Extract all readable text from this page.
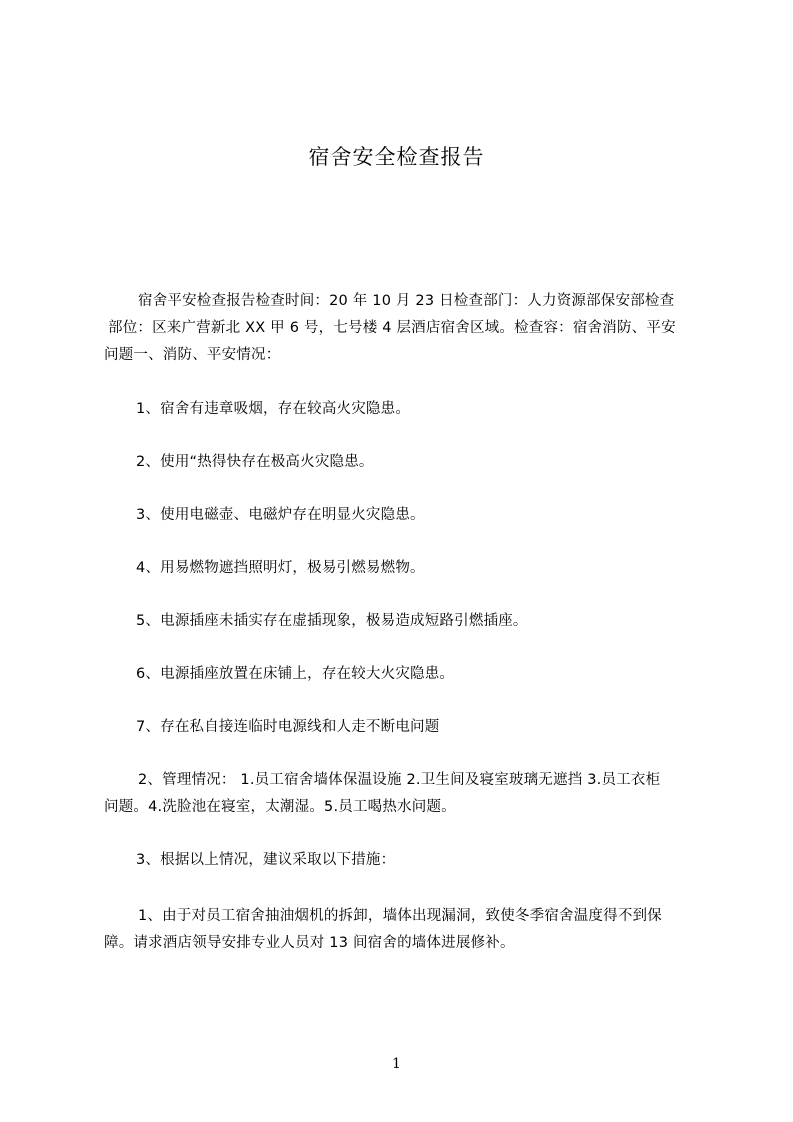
宿舍安全检查报告
宿舍平安检查报告检查时间：20 年 10 月 23 日检查部门：人力资源部保安部检查
部位：区来广营新北 XX 甲 6 号，七号楼 4 层酒店宿舍区域。检查容：宿舍消防、平安
问题一、消防、平安情况：
1、宿舍有违章吸烟，存在较高火灾隐患。
2、使用“热得快存在极高火灾隐患。
3、使用电磁壶、电磁炉存在明显火灾隐患。
4、用易燃物遮挡照明灯，极易引燃易燃物。
5、电源插座未插实存在虚插现象，极易造成短路引燃插座。
6、电源插座放置在床铺上，存在较大火灾隐患。
7、存在私自接连临时电源线和人走不断电问题
2、管理情况： 1.员工宿舍墙体保温设施 2.卫生间及寝室玻璃无遮挡 3.员工衣柜
问题。4.洗脸池在寝室，太潮湿。5.员工喝热水问题。
3、根据以上情况，建议采取以下措施：
1、由于对员工宿舍抽油烟机的拆卸，墙体出现漏洞，致使冬季宿舍温度得不到保
障。请求酒店领导安排专业人员对 13 间宿舍的墙体进展修补。
1
